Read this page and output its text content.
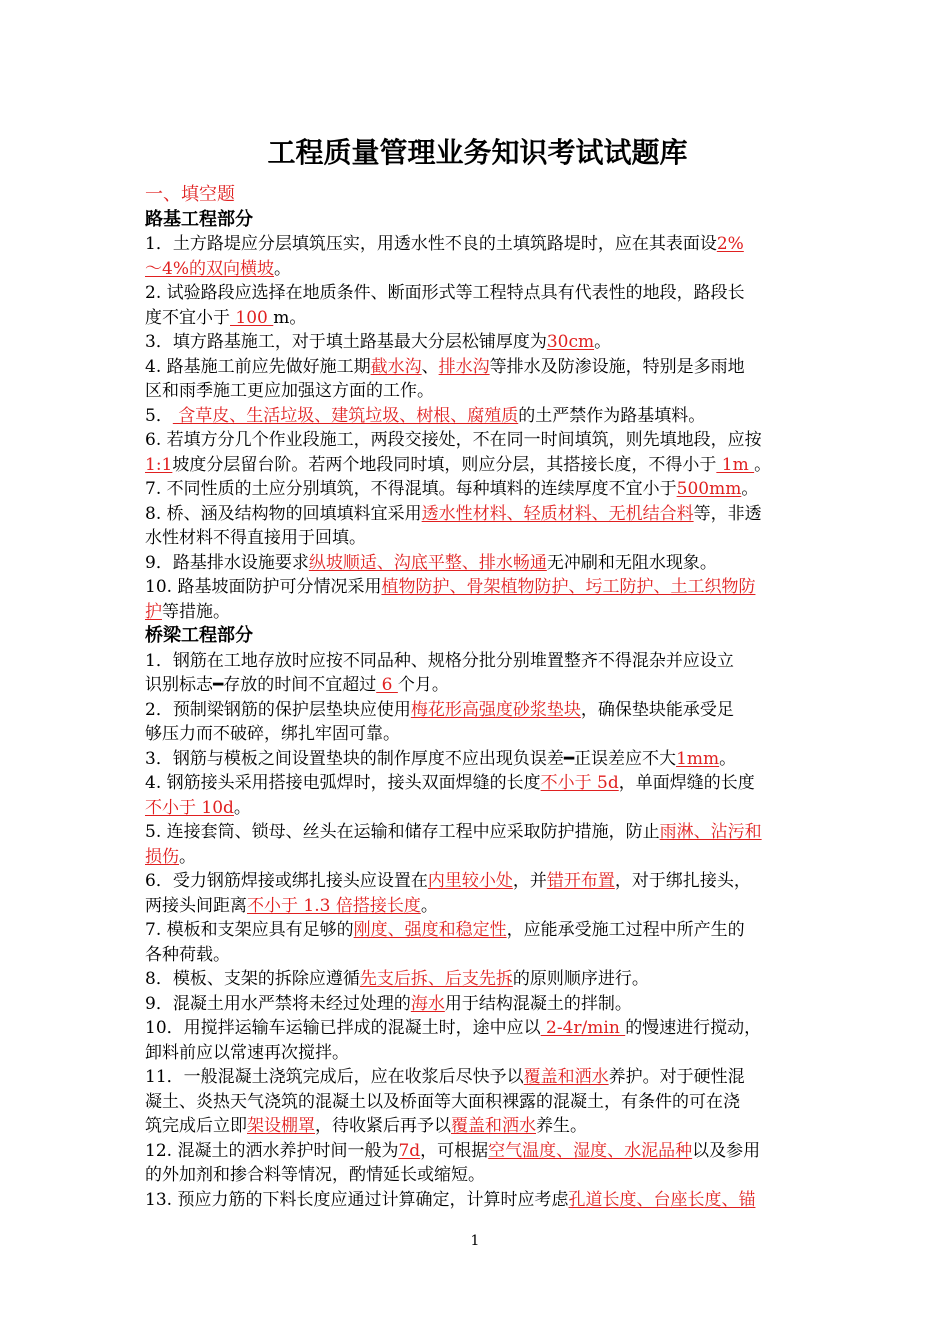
工程质量管理业务知识考试试题库
一、填空题
路基工程部分
1．土方路堤应分层填筑压实，用透水性不良的土填筑路堤时，应在其表面设2%
～4%的双向横坡。
2. 试验路段应选择在地质条件、断面形式等工程特点具有代表性的地段，路段长
度不宜小于 100 m。
3．填方路基施工，对于填土路基最大分层松铺厚度为30cm。
4. 路基施工前应先做好施工期截水沟、排水沟等排水及防渗设施，特别是多雨地
区和雨季施工更应加强这方面的工作。
5． 含草皮、生活垃圾、建筑垃圾、树根、腐殖质的土严禁作为路基填料。
6. 若填方分几个作业段施工，两段交接处，不在同一时间填筑，则先填地段，应按
1:1坡度分层留台阶。若两个地段同时填，则应分层，其搭接长度，不得小于 1m 。
7. 不同性质的土应分别填筑，不得混填。每种填料的连续厚度不宜小于500mm。
8. 桥、涵及结构物的回填填料宜采用透水性材料、轻质材料、无机结合料等，非透
水性材料不得直接用于回填。
9．路基排水设施要求纵坡顺适、沟底平整、排水畅通无冲刷和无阻水现象。
10. 路基坡面防护可分情况采用植物防护、骨架植物防护、圬工防护、土工织物防
护等措施。
桥梁工程部分
1．钢筋在工地存放时应按不同品种、规格分批分别堆置整齐不得混杂并应设立
识别标志━存放的时间不宜超过 6 个月。
2．预制梁钢筋的保护层垫块应使用梅花形高强度砂浆垫块，确保垫块能承受足
够压力而不破碎，绑扎牢固可靠。
3．钢筋与模板之间设置垫块的制作厚度不应出现负误差━正误差应不大1mm。
4. 钢筋接头采用搭接电弧焊时，接头双面焊缝的长度不小于 5d，单面焊缝的长度
不小于 10d。
5. 连接套筒、锁母、丝头在运输和储存工程中应采取防护措施，防止雨淋、沾污和
损伤。
6．受力钢筋焊接或绑扎接头应设置在内里较小处，并错开布置，对于绑扎接头，
两接头间距离不小于 1.3 倍搭接长度。
7. 模板和支架应具有足够的刚度、强度和稳定性，应能承受施工过程中所产生的
各种荷载。
8．模板、支架的拆除应遵循先支后拆、后支先拆的原则顺序进行。
9．混凝土用水严禁将未经过处理的海水用于结构混凝土的拌制。
10．用搅拌运输车运输已拌成的混凝土时，途中应以 2-4r/min 的慢速进行搅动，
卸料前应以常速再次搅拌。
11．一般混凝土浇筑完成后，应在收浆后尽快予以覆盖和洒水养护。对于硬性混
凝土、炎热天气浇筑的混凝土以及桥面等大面积裸露的混凝土，有条件的可在浇
筑完成后立即架设棚罩，待收紧后再予以覆盖和洒水养生。
12. 混凝土的洒水养护时间一般为7d，可根据空气温度、湿度、水泥品种以及参用
的外加剂和掺合料等情况，酌情延长或缩短。
13. 预应力筋的下料长度应通过计算确定，计算时应考虑孔道长度、台座长度、锚
1
